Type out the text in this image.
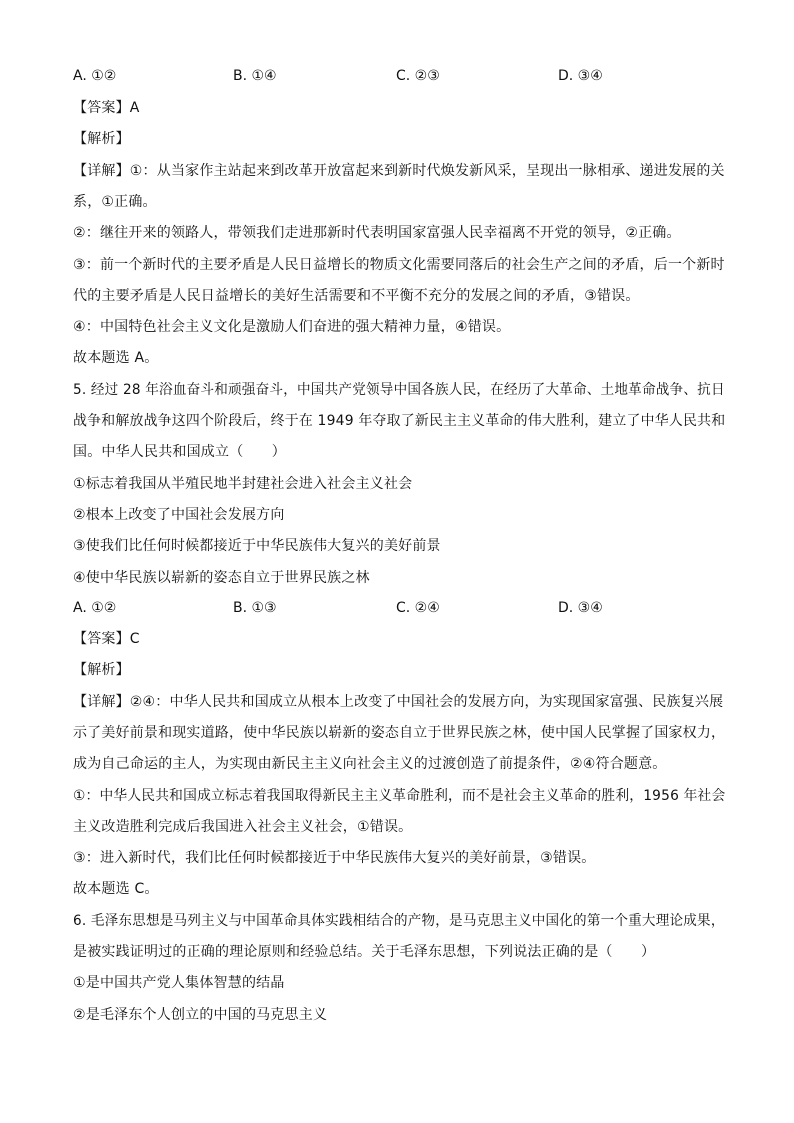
A. ①②	B. ①④	C. ②③	D. ③④
【答案】A
【解析】
【详解】①：从当家作主站起来到改革开放富起来到新时代焕发新风采，呈现出一脉相承、递进发展的关
系，①正确。
②：继往开来的领路人，带领我们走进那新时代表明国家富强人民幸福离不开党的领导，②正确。
③：前一个新时代的主要矛盾是人民日益增长的物质文化需要同落后的社会生产之间的矛盾，后一个新时
代的主要矛盾是人民日益增长的美好生活需要和不平衡不充分的发展之间的矛盾，③错误。
④：中国特色社会主义文化是激励人们奋进的强大精神力量，④错误。
故本题选 A。
5. 经过 28 年浴血奋斗和顽强奋斗，中国共产党领导中国各族人民，在经历了大革命、土地革命战争、抗日
战争和解放战争这四个阶段后，终于在 1949 年夺取了新民主主义革命的伟大胜利，建立了中华人民共和
国。中华人民共和国成立（　　）
①标志着我国从半殖民地半封建社会进入社会主义社会
②根本上改变了中国社会发展方向
③使我们比任何时候都接近于中华民族伟大复兴的美好前景
④使中华民族以崭新的姿态自立于世界民族之林
A. ①②	B. ①③	C. ②④	D. ③④
【答案】C
【解析】
【详解】②④：中华人民共和国成立从根本上改变了中国社会的发展方向，为实现国家富强、民族复兴展
示了美好前景和现实道路，使中华民族以崭新的姿态自立于世界民族之林，使中国人民掌握了国家权力，
成为自己命运的主人，为实现由新民主主义向社会主义的过渡创造了前提条件，②④符合题意。
①：中华人民共和国成立标志着我国取得新民主主义革命胜利，而不是社会主义革命的胜利，1956 年社会
主义改造胜利完成后我国进入社会主义社会，①错误。
③：进入新时代，我们比任何时候都接近于中华民族伟大复兴的美好前景，③错误。
故本题选 C。
6. 毛泽东思想是马列主义与中国革命具体实践相结合的产物，是马克思主义中国化的第一个重大理论成果，
是被实践证明过的正确的理论原则和经验总结。关于毛泽东思想，下列说法正确的是（　　）
①是中国共产党人集体智慧的结晶
②是毛泽东个人创立的中国的马克思主义
